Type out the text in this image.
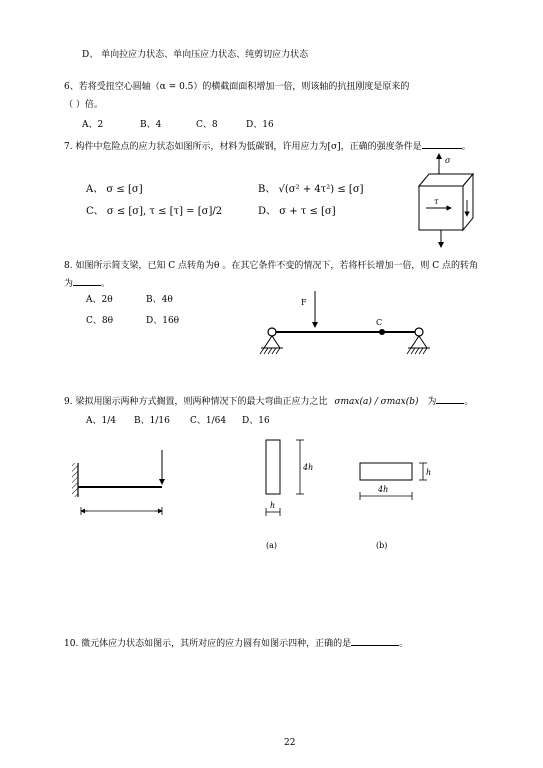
D、 单向拉应力状态、单向压应力状态、纯剪切应力状态
6、若将受扭空心圆轴（α = 0.5）的横截面面积增加一倍，则该轴的抗扭刚度是原来的
（ ）倍。
A、2	B、4	C、8	D、16
7. 构件中危险点的应力状态如图所示，材料为低碳钢，许用应力为[σ]，正确的强度条件是	。
A、 σ ≤ [σ]	B、 √(σ² + 4τ²) ≤ [σ]
C、 σ ≤ [σ], τ ≤ [τ] = [σ]/2	D、 σ + τ ≤ [σ]
8. 如图所示简支梁，已知 C 点转角为θ 。在其它条件不变的情况下，若将杆长增加一倍，则 C 点的转角
为	。
A、2θ	B、4θ
C、8θ	D、16θ
9. 梁拟用图示两种方式搁置，则两种情况下的最大弯曲正应力之比 σmax(a) / σmax(b) 为	。
A、1/4 B、1/16 C、1/64 D、16
10. 微元体应力状态如图示，其所对应的应力圆有如图示四种，正确的是	。
22
σ
τ
F
C
4h
h
(a)
h
4h
(b)
